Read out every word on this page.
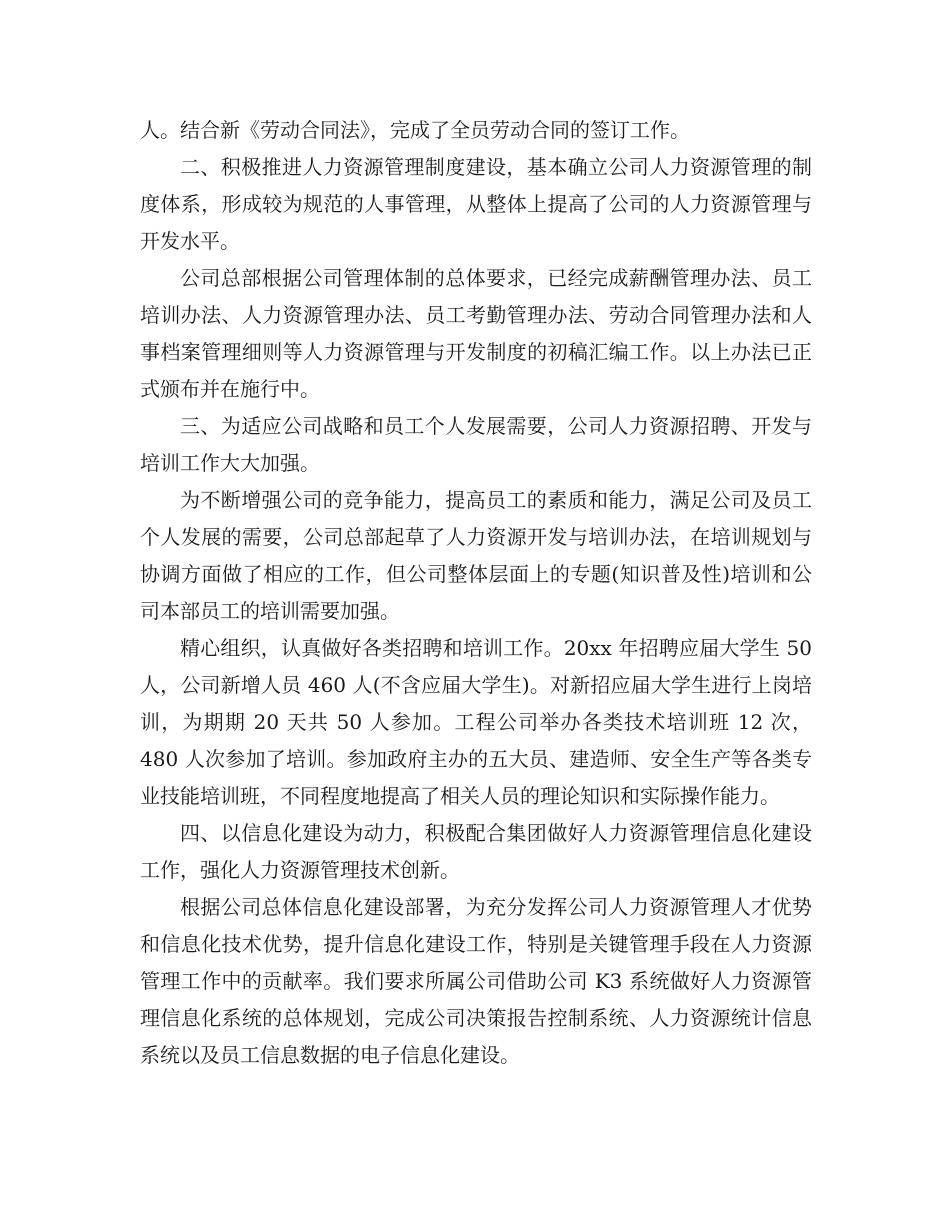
人。结合新《劳动合同法》，完成了全员劳动合同的签订工作。

二、积极推进人力资源管理制度建设，基本确立公司人力资源管理的制度体系，形成较为规范的人事管理，从整体上提高了公司的人力资源管理与开发水平。

公司总部根据公司管理体制的总体要求，已经完成薪酬管理办法、员工培训办法、人力资源管理办法、员工考勤管理办法、劳动合同管理办法和人事档案管理细则等人力资源管理与开发制度的初稿汇编工作。以上办法已正式颁布并在施行中。

三、为适应公司战略和员工个人发展需要，公司人力资源招聘、开发与培训工作大大加强。

为不断增强公司的竞争能力，提高员工的素质和能力，满足公司及员工个人发展的需要，公司总部起草了人力资源开发与培训办法，在培训规划与协调方面做了相应的工作，但公司整体层面上的专题(知识普及性)培训和公司本部员工的培训需要加强。

精心组织，认真做好各类招聘和培训工作。20xx 年招聘应届大学生 50 人，公司新增人员 460 人(不含应届大学生)。对新招应届大学生进行上岗培训，为期期 20 天共 50 人参加。工程公司举办各类技术培训班 12 次，480 人次参加了培训。参加政府主办的五大员、建造师、安全生产等各类专业技能培训班，不同程度地提高了相关人员的理论知识和实际操作能力。

四、以信息化建设为动力，积极配合集团做好人力资源管理信息化建设工作，强化人力资源管理技术创新。

根据公司总体信息化建设部署，为充分发挥公司人力资源管理人才优势和信息化技术优势，提升信息化建设工作，特别是关键管理手段在人力资源管理工作中的贡献率。我们要求所属公司借助公司 K3 系统做好人力资源管理信息化系统的总体规划，完成公司决策报告控制系统、人力资源统计信息系统以及员工信息数据的电子信息化建设。
